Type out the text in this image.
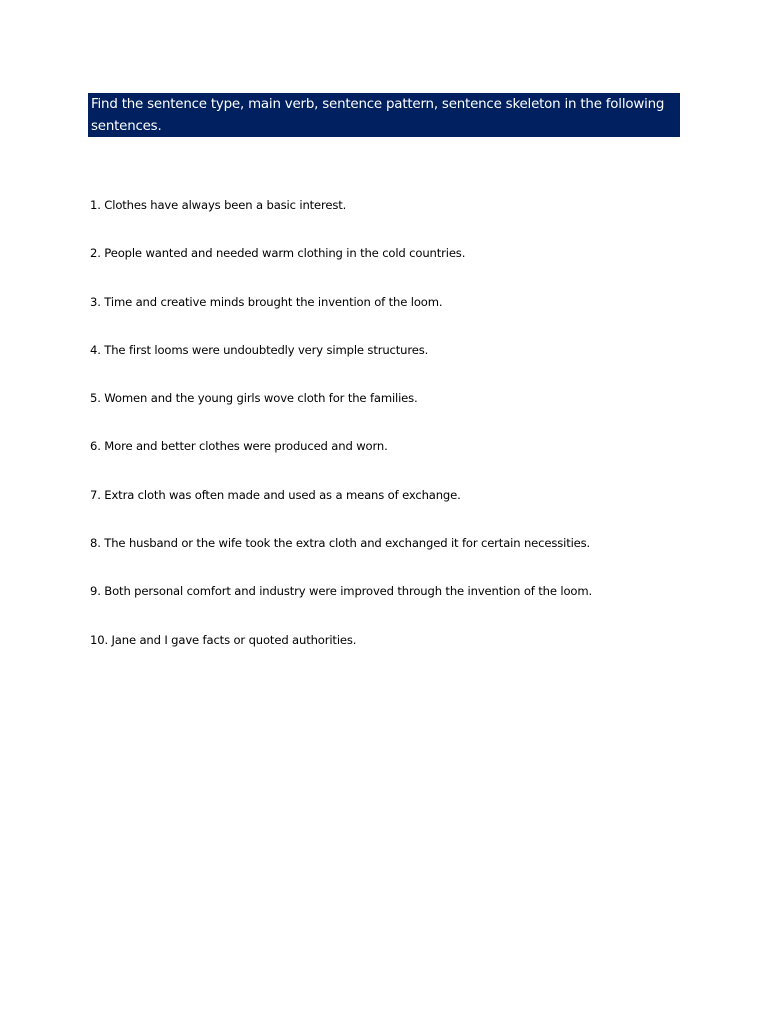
Find the sentence type, main verb, sentence pattern, sentence skeleton in the following sentences.

1. Clothes have always been a basic interest.
2. People wanted and needed warm clothing in the cold countries.
3. Time and creative minds brought the invention of the loom.
4. The first looms were undoubtedly very simple structures.
5. Women and the young girls wove cloth for the families.
6. More and better clothes were produced and worn.
7. Extra cloth was often made and used as a means of exchange.
8. The husband or the wife took the extra cloth and exchanged it for certain necessities.
9. Both personal comfort and industry were improved through the invention of the loom.
10. Jane and I gave facts or quoted authorities.
